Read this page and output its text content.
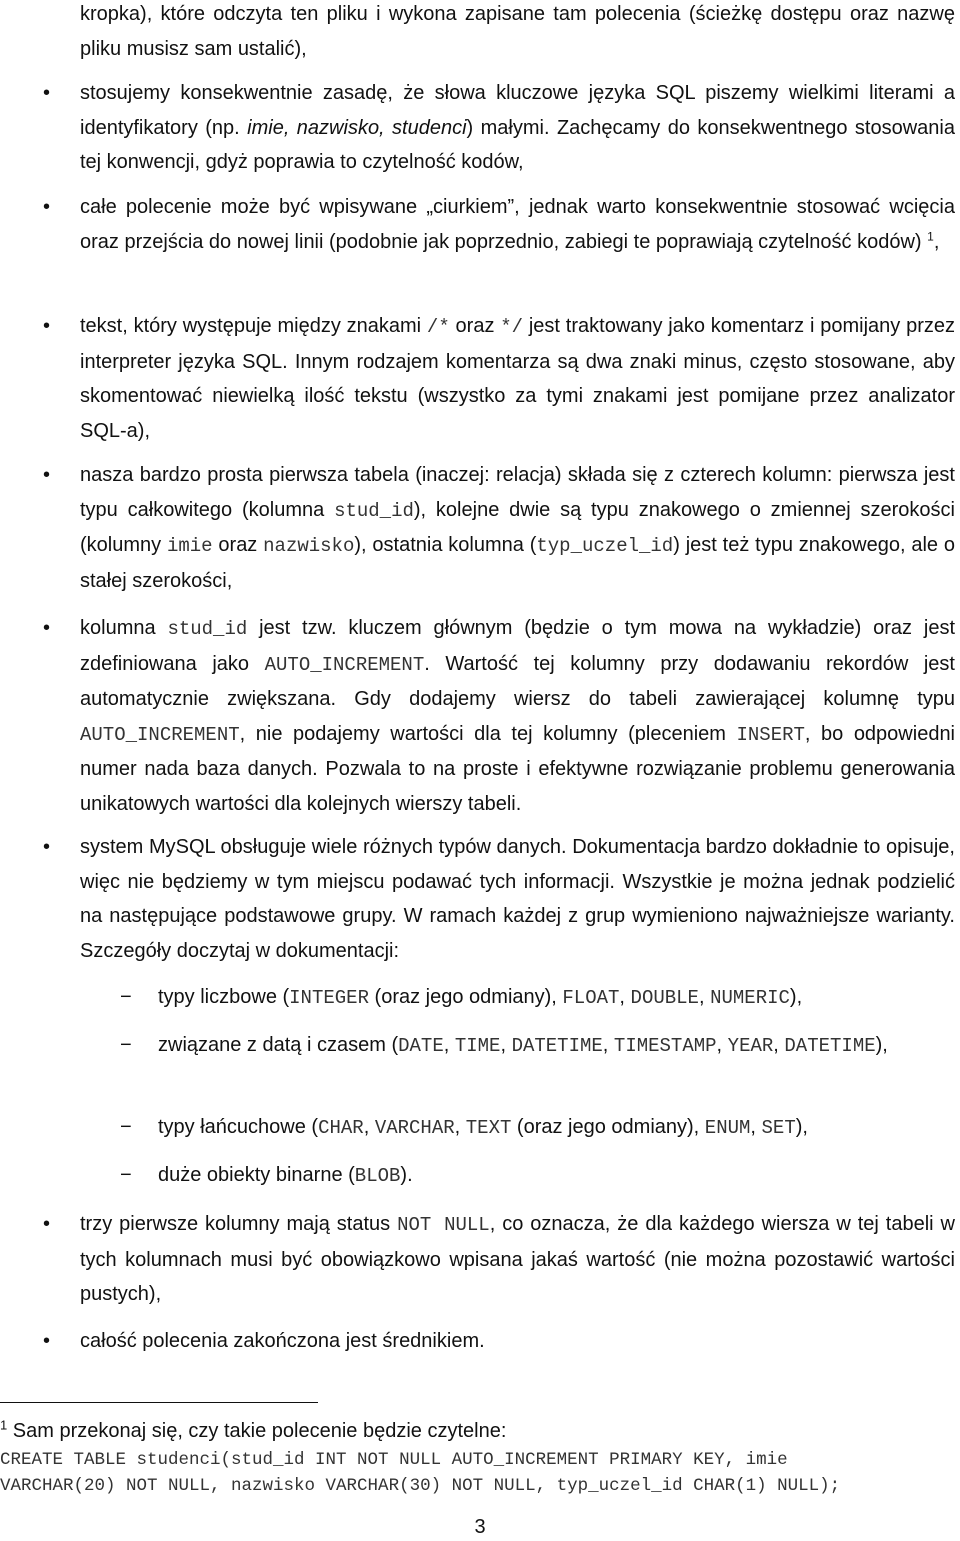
kropka), które odczyta ten pliku i wykona zapisane tam polecenia (ścieżkę dostępu oraz nazwę pliku musisz sam ustalić),
• stosujemy konsekwentnie zasadę, że słowa kluczowe języka SQL piszemy wielkimi literami a identyfikatory (np. imie, nazwisko, studenci) małymi. Zachęcamy do konsekwentnego stosowania tej konwencji, gdyż poprawia to czytelność kodów,
• całe polecenie może być wpisywane „ciurkiem”, jednak warto konsekwentnie stosować wcięcia oraz przejścia do nowej linii (podobnie jak poprzednio, zabiegi te poprawiają czytelność kodów) $^1$,
• tekst, który występuje między znakami /* oraz */ jest traktowany jako komentarz i pomijany przez interpreter języka SQL. Innym rodzajem komentarza są dwa znaki minus, często stosowane, aby skomentować niewielką ilość tekstu (wszystko za tymi znakami jest pomijane przez analizator SQL-a),
• nasza bardzo prosta pierwsza tabela (inaczej: relacja) składa się z czterech kolumn: pierwsza jest typu całkowitego (kolumna stud_id), kolejne dwie są typu znakowego o zmiennej szerokości (kolumny imie oraz nazwisko), ostatnia kolumna (typ_uczel_id) jest też typu znakowego, ale o stałej szerokości,
• kolumna stud_id jest tzw. kluczem głównym (będzie o tym mowa na wykładzie) oraz jest zdefiniowana jako AUTO_INCREMENT. Wartość tej kolumny przy dodawaniu rekordów jest automatycznie zwiększana. Gdy dodajemy wiersz do tabeli zawierającej kolumnę typu AUTO_INCREMENT, nie podajemy wartości dla tej kolumny (pleceniem INSERT, bo odpowiedni numer nada baza danych. Pozwala to na proste i efektywne rozwiązanie problemu generowania unikatowych wartości dla kolejnych wierszy tabeli.
• system MySQL obsługuje wiele różnych typów danych. Dokumentacja bardzo dokładnie to opisuje, więc nie będziemy w tym miejscu podawać tych informacji. Wszystkie je można jednak podzielić na następujące podstawowe grupy. W ramach każdej z grup wymieniono najważniejsze warianty. Szczegóły doczytaj w dokumentacji:
− typy liczbowe (INTEGER (oraz jego odmiany), FLOAT, DOUBLE, NUMERIC),
− związane z datą i czasem (DATE, TIME, DATETIME, TIMESTAMP, YEAR, DATETIME),
− typy łańcuchowe (CHAR, VARCHAR, TEXT (oraz jego odmiany), ENUM, SET),
− duże obiekty binarne (BLOB).
• trzy pierwsze kolumny mają status NOT NULL, co oznacza, że dla każdego wiersza w tej tabeli w tych kolumnach musi być obowiązkowo wpisana jakaś wartość (nie można pozostawić wartości pustych),
• całość polecenia zakończona jest średnikiem.
$^1$ Sam przekonaj się, czy takie polecenie będzie czytelne:
CREATE TABLE studenci(stud_id INT NOT NULL AUTO_INCREMENT PRIMARY KEY, imie
VARCHAR(20) NOT NULL, nazwisko VARCHAR(30) NOT NULL, typ_uczel_id CHAR(1) NULL);
3
